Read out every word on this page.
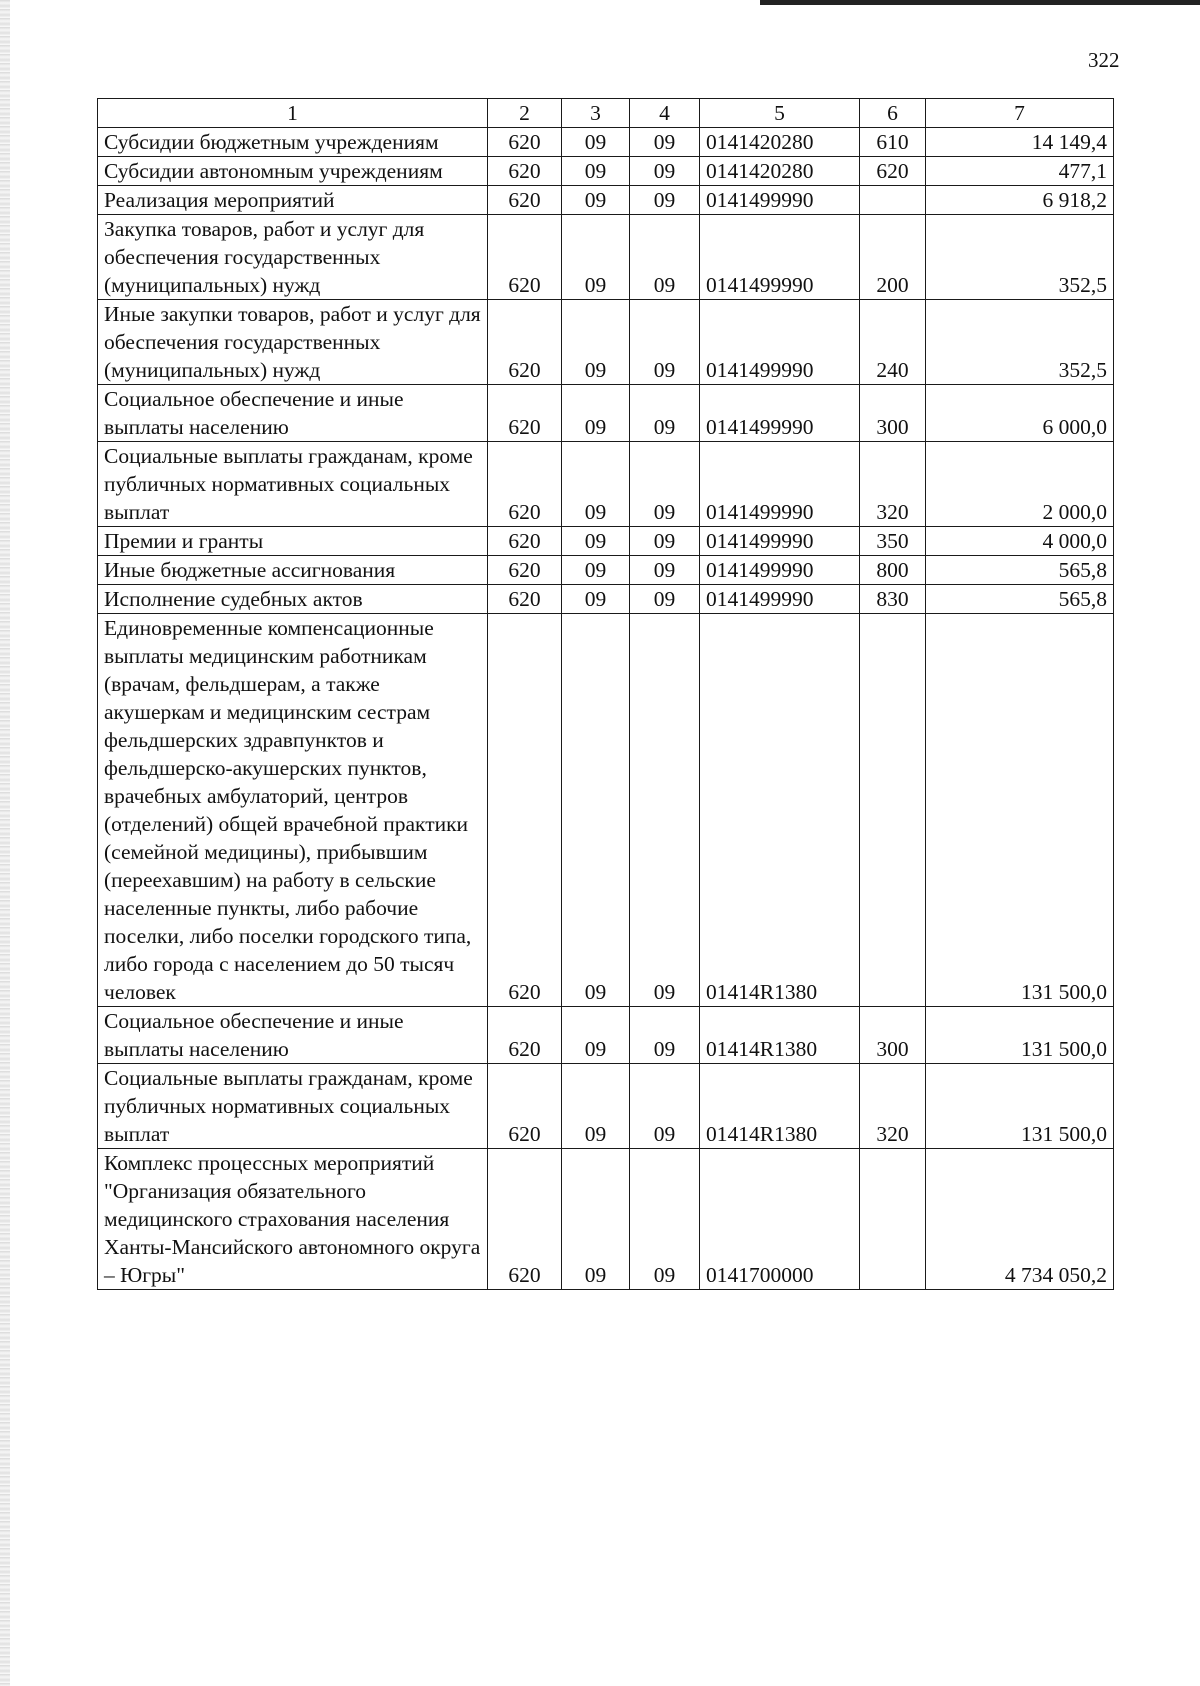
322
1	2	3	4	5	6	7
Субсидии бюджетным учреждениям	620	09	09	0141420280	610	14 149,4
Субсидии автономным учреждениям	620	09	09	0141420280	620	477,1
Реализация мероприятий	620	09	09	0141499990		6 918,2
Закупка товаров, работ и услуг для обеспечения государственных (муниципальных) нужд	620	09	09	0141499990	200	352,5
Иные закупки товаров, работ и услуг для обеспечения государственных (муниципальных) нужд	620	09	09	0141499990	240	352,5
Социальное обеспечение и иные выплаты населению	620	09	09	0141499990	300	6 000,0
Социальные выплаты гражданам, кроме публичных нормативных социальных выплат	620	09	09	0141499990	320	2 000,0
Премии и гранты	620	09	09	0141499990	350	4 000,0
Иные бюджетные ассигнования	620	09	09	0141499990	800	565,8
Исполнение судебных актов	620	09	09	0141499990	830	565,8
Единовременные компенсационные выплаты медицинским работникам (врачам, фельдшерам, а также акушеркам и медицинским сестрам фельдшерских здравпунктов и фельдшерско-акушерских пунктов, врачебных амбулаторий, центров (отделений) общей врачебной практики (семейной медицины), прибывшим (переехавшим) на работу в сельские населенные пункты, либо рабочие поселки, либо поселки городского типа, либо города с населением до 50 тысяч человек	620	09	09	01414R1380		131 500,0
Социальное обеспечение и иные выплаты населению	620	09	09	01414R1380	300	131 500,0
Социальные выплаты гражданам, кроме публичных нормативных социальных выплат	620	09	09	01414R1380	320	131 500,0
Комплекс процессных мероприятий "Организация обязательного медицинского страхования населения Ханты-Мансийского автономного округа – Югры"	620	09	09	0141700000		4 734 050,2
